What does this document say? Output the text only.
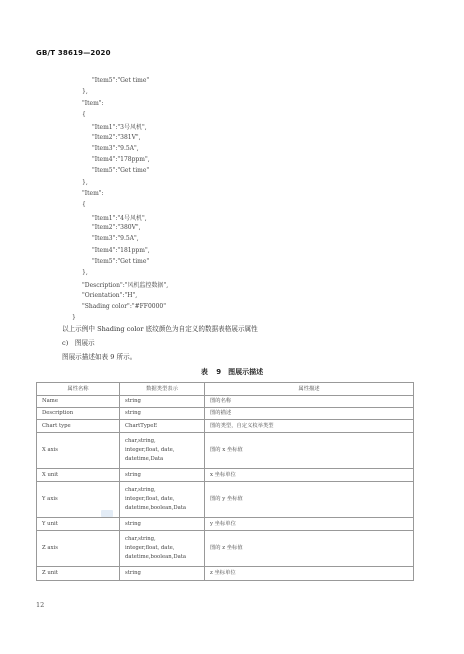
GB/T 38619—2020
"Item5":"Get time"
},
"Item":
{
"Item1":"3号风机",
"Item2":"381V",
"Item3":"9.5A",
"Item4":"178ppm",
"Item5":"Get time"
},
"Item":
{
"Item1":"4号风机",
"Item2":"380V",
"Item3":"9.5A",
"Item4":"181ppm",
"Item5":"Get time"
},
"Description":"风机监控数据",
"Orientation":"H",
"Shading color":"#FF0000"
}
以上示例中 Shading color 底纹颜色为自定义的数据表格展示属性
c)　图展示
图展示描述如表 9 所示。
表 9　图展示描述
属性名称	数据类型表示	属性描述
Name	string	图的名称
Description	string	图的描述
Chart type	ChartTypeE	图的类型，自定义枚举类型
X axis	char,string,
integer,float, date,
datetime,Data	图的 x 坐标值
X unit	string	x 坐标单位
Y axis	char,string,
integer,float, date,
datetime,boolean,Data	图的 y 坐标值
Y unit	string	y 坐标单位
Z axis	char,string,
integer,float, date,
datetime,boolean,Data	图的 z 坐标值
Z unit	string	z 坐标单位
12
